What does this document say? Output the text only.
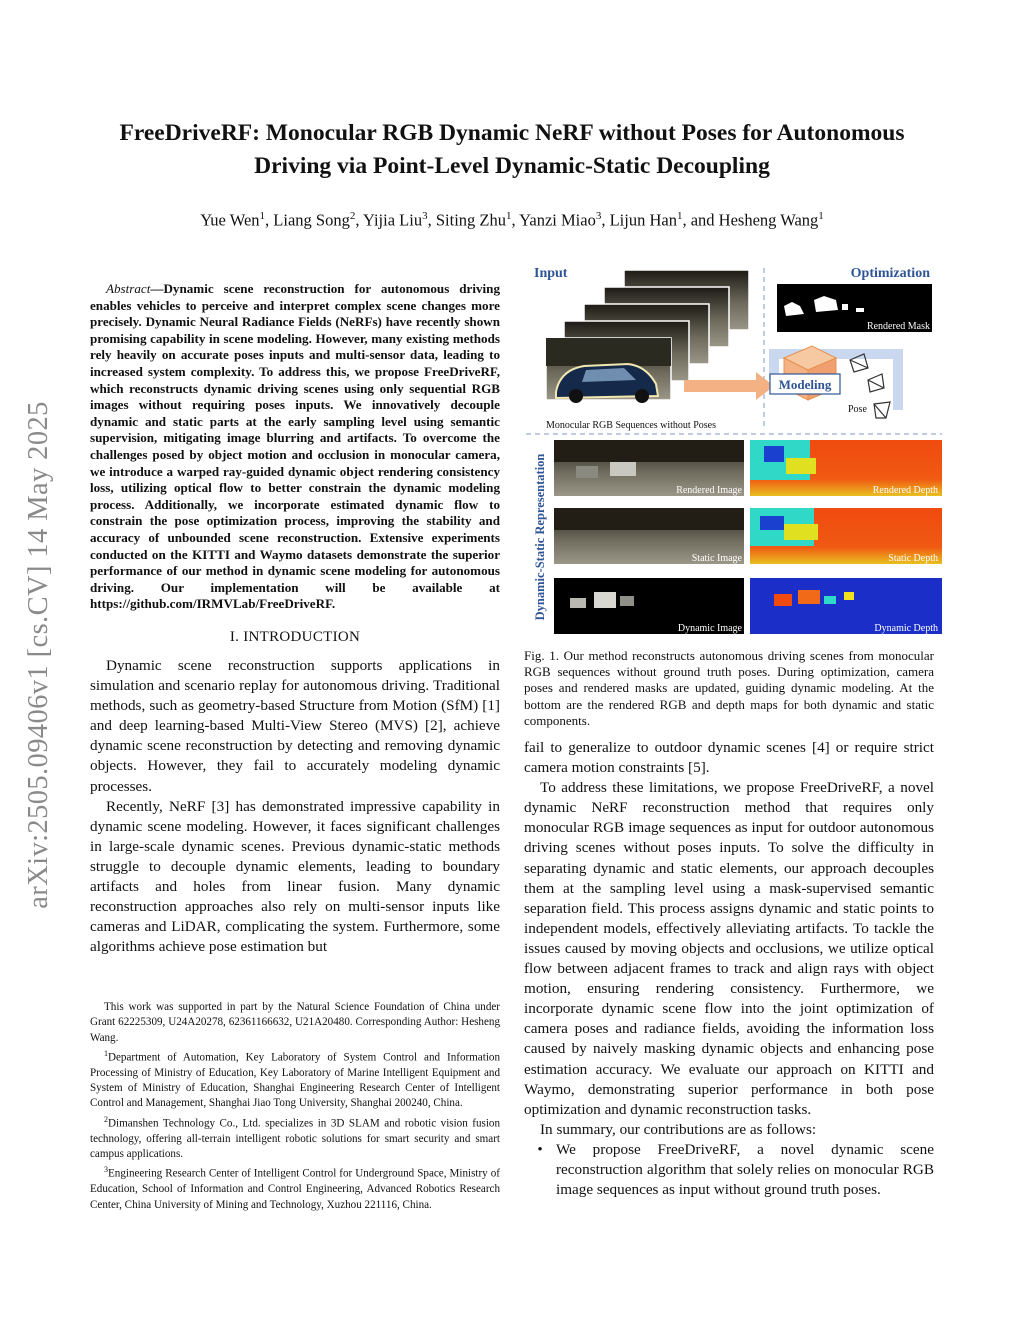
arXiv:2505.09406v1 [cs.CV] 14 May 2025
FreeDriveRF: Monocular RGB Dynamic NeRF without Poses for Autonomous Driving via Point-Level Dynamic-Static Decoupling
Yue Wen$^1$, Liang Song$^2$, Yijia Liu$^3$, Siting Zhu$^1$, Yanzi Miao$^3$, Lijun Han$^1$, and Hesheng Wang$^1$

Abstract—Dynamic scene reconstruction for autonomous driving enables vehicles to perceive and interpret complex scene changes more precisely. Dynamic Neural Radiance Fields (NeRFs) have recently shown promising capability in scene modeling. However, many existing methods rely heavily on accurate poses inputs and multi-sensor data, leading to increased system complexity. To address this, we propose FreeDriveRF, which reconstructs dynamic driving scenes using only sequential RGB images without requiring poses inputs. We innovatively decouple dynamic and static parts at the early sampling level using semantic supervision, mitigating image blurring and artifacts. To overcome the challenges posed by object motion and occlusion in monocular camera, we introduce a warped ray-guided dynamic object rendering consistency loss, utilizing optical flow to better constrain the dynamic modeling process. Additionally, we incorporate estimated dynamic flow to constrain the pose optimization process, improving the stability and accuracy of unbounded scene reconstruction. Extensive experiments conducted on the KITTI and Waymo datasets demonstrate the superior performance of our method in dynamic scene modeling for autonomous driving. Our implementation will be available at https://github.com/IRMVLab/FreeDriveRF.

I. INTRODUCTION

Dynamic scene reconstruction supports applications in simulation and scenario replay for autonomous driving. Traditional methods, such as geometry-based Structure from Motion (SfM) [1] and deep learning-based Multi-View Stereo (MVS) [2], achieve dynamic scene reconstruction by detecting and removing dynamic objects. However, they fail to accurately modeling dynamic processes.

Recently, NeRF [3] has demonstrated impressive capability in dynamic scene modeling. However, it faces significant challenges in large-scale dynamic scenes. Previous dynamic-static methods struggle to decouple dynamic elements, leading to boundary artifacts and holes from linear fusion. Many dynamic reconstruction approaches also rely on multi-sensor inputs like cameras and LiDAR, complicating the system. Furthermore, some algorithms achieve pose estimation but

This work was supported in part by the Natural Science Foundation of China under Grant 62225309, U24A20278, 62361166632, U21A20480. Corresponding Author: Hesheng Wang.

$^1$Department of Automation, Key Laboratory of System Control and Information Processing of Ministry of Education, Key Laboratory of Marine Intelligent Equipment and System of Ministry of Education, Shanghai Engineering Research Center of Intelligent Control and Management, Shanghai Jiao Tong University, Shanghai 200240, China.

$^2$Dimanshen Technology Co., Ltd. specializes in 3D SLAM and robotic vision fusion technology, offering all-terrain intelligent robotic solutions for smart security and smart campus applications.

$^3$Engineering Research Center of Intelligent Control for Underground Space, Ministry of Education, School of Information and Control Engineering, Advanced Robotics Research Center, China University of Mining and Technology, Xuzhou 221116, China.

Input	Optimization
Monocular RGB Sequences without Poses
Rendered Mask
Modeling
Pose
Dynamic-Static Representation	Rendered Image	Rendered Depth
Static Image	Static Depth
Dynamic Image	Dynamic Depth

Fig. 1. Our method reconstructs autonomous driving scenes from monocular RGB sequences without ground truth poses. During optimization, camera poses and rendered masks are updated, guiding dynamic modeling. At the bottom are the rendered RGB and depth maps for both dynamic and static components.

fail to generalize to outdoor dynamic scenes [4] or require strict camera motion constraints [5].

To address these limitations, we propose FreeDriveRF, a novel dynamic NeRF reconstruction method that requires only monocular RGB image sequences as input for outdoor autonomous driving scenes without poses inputs. To solve the difficulty in separating dynamic and static elements, our approach decouples them at the sampling level using a mask-supervised semantic separation field. This process assigns dynamic and static points to independent models, effectively alleviating artifacts. To tackle the issues caused by moving objects and occlusions, we utilize optical flow between adjacent frames to track and align rays with object motion, ensuring rendering consistency. Furthermore, we incorporate dynamic scene flow into the joint optimization of camera poses and radiance fields, avoiding the information loss caused by naively masking dynamic objects and enhancing pose estimation accuracy. We evaluate our approach on KITTI and Waymo, demonstrating superior performance in both pose optimization and dynamic reconstruction tasks.

In summary, our contributions are as follows:

• We propose FreeDriveRF, a novel dynamic scene reconstruction algorithm that solely relies on monocular RGB image sequences as input without ground truth poses.
